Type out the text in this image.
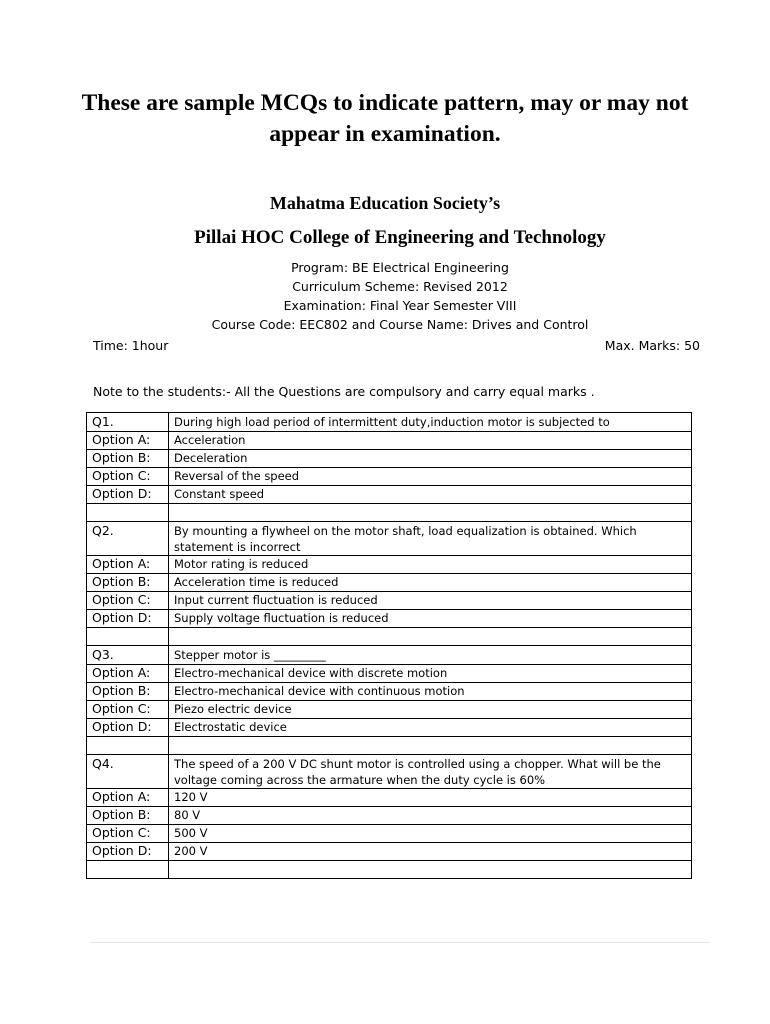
These are sample MCQs to indicate pattern, may or may not appear in examination.
Mahatma Education Society’s
Pillai HOC College of Engineering and Technology
Program: BE Electrical Engineering
Curriculum Scheme: Revised 2012
Examination: Final Year Semester VIII
Course Code: EEC802 and Course Name: Drives and Control
Time: 1hour	Max. Marks: 50
Note to the students:- All the Questions are compulsory and carry equal marks .
Q1.	During high load period of intermittent duty,induction motor is subjected to
Option A:	Acceleration
Option B:	Deceleration
Option C:	Reversal of the speed
Option D:	Constant speed

Q2.	By mounting a flywheel on the motor shaft, load equalization is obtained. Which statement is incorrect
Option A:	Motor rating is reduced
Option B:	Acceleration time is reduced
Option C:	Input current fluctuation is reduced
Option D:	Supply voltage fluctuation is reduced

Q3.	Stepper motor is _________
Option A:	Electro-mechanical device with discrete motion
Option B:	Electro-mechanical device with continuous motion
Option C:	Piezo electric device
Option D:	Electrostatic device

Q4.	The speed of a 200 V DC shunt motor is controlled using a chopper. What will be the voltage coming across the armature when the duty cycle is 60%
Option A:	120 V
Option B:	80 V
Option C:	500 V
Option D:	200 V
